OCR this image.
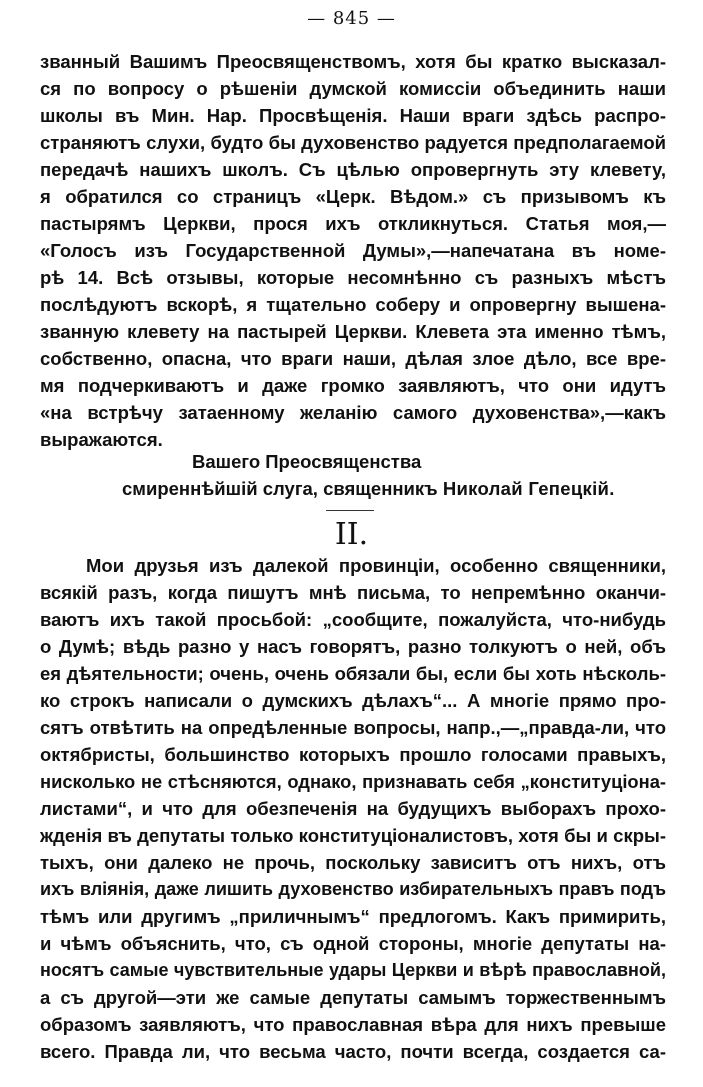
— 845 —
званный Вашимъ Преосвященствомъ, хотя бы кратко высказал-
ся по вопросу о рѣшеніи думской комиссіи объединить наши
школы въ Мин. Нар. Просвѣщенія. Наши враги здѣсь распро-
страняютъ слухи, будто бы духовенство радуется предполагаемой
передачѣ нашихъ школъ. Съ цѣлью опровергнуть эту клевету,
я обратился со страницъ «Церк. Вѣдом.» съ призывомъ къ
пастырямъ Церкви, прося ихъ откликнуться. Статья моя,—
«Голосъ изъ Государственной Думы»,—напечатана въ номе-
рѣ 14. Всѣ отзывы, которые несомнѣнно съ разныхъ мѣстъ
послѣдуютъ вскорѣ, я тщательно соберу и опровергну вышена-
званную клевету на пастырей Церкви. Клевета эта именно тѣмъ,
собственно, опасна, что враги наши, дѣлая злое дѣло, все вре-
мя подчеркиваютъ и даже громко заявляютъ, что они идутъ
«на встрѣчу затаенному желанію самого духовенства»,—какъ
выражаются.
Вашего Преосвященства
смиреннѣйшій слуга, священникъ Николай Гепецкій.
II.
Мои друзья изъ далекой провинціи, особенно священники,
всякій разъ, когда пишутъ мнѣ письма, то непремѣнно оканчи-
ваютъ ихъ такой просьбой: „сообщите, пожалуйста, что-нибудь
о Думѣ; вѣдь разно у насъ говорятъ, разно толкуютъ о ней, объ
ея дѣятельности; очень, очень обязали бы, если бы хоть нѣсколь-
ко строкъ написали о думскихъ дѣлахъ“... А многіе прямо про-
сятъ отвѣтить на опредѣленные вопросы, напр.,—„правда-ли, что
октябристы, большинство которыхъ прошло голосами правыхъ,
нисколько не стѣсняются, однако, признавать себя „конституціона-
листами“, и что для обезпеченія на будущихъ выборахъ прохо-
жденія въ депутаты только конституціоналистовъ, хотя бы и скры-
тыхъ, они далеко не прочь, поскольку зависитъ отъ нихъ, отъ
ихъ вліянія, даже лишить духовенство избирательныхъ правъ подъ
тѣмъ или другимъ „приличнымъ“ предлогомъ. Какъ примирить,
и чѣмъ объяснить, что, съ одной стороны, многіе депутаты на-
носятъ самые чувствительные удары Церкви и вѣрѣ православной,
а съ другой—эти же самые депутаты самымъ торжественнымъ
образомъ заявляютъ, что православная вѣра для нихъ превыше
всего. Правда ли, что весьма часто, почти всегда, создается са-
